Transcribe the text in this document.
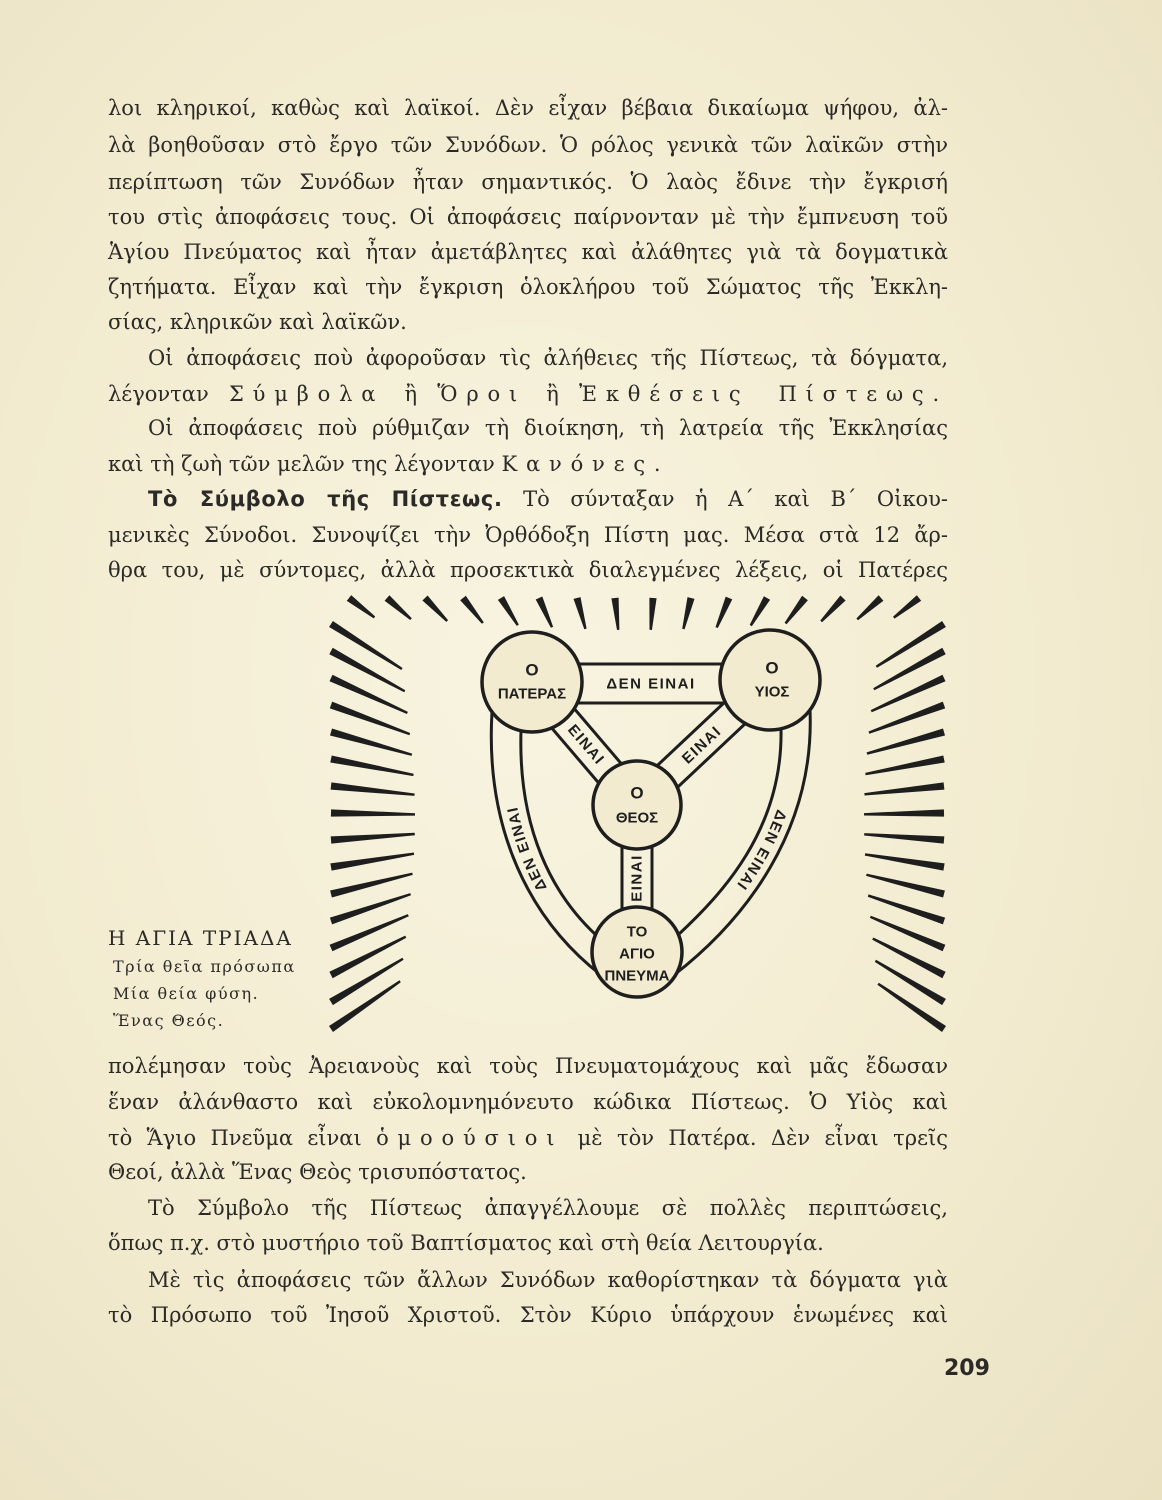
λοι κληρικοί, καθὼς καὶ λαϊκοί. Δὲν εἶχαν βέβαια δικαίωμα ψήφου, ἀλ-
λὰ βοηθοῦσαν στὸ ἔργο τῶν Συνόδων. Ὁ ρόλος γενικὰ τῶν λαϊκῶν στὴν
περίπτωση τῶν Συνόδων ἦταν σημαντικός. Ὁ λαὸς ἔδινε τὴν ἔγκρισή
του στὶς ἀποφάσεις τους. Οἱ ἀποφάσεις παίρνονταν μὲ τὴν ἔμπνευση τοῦ
Ἁγίου Πνεύματος καὶ ἦταν ἀμετάβλητες καὶ ἀλάθητες γιὰ τὰ δογματικὰ
ζητήματα. Εἶχαν καὶ τὴν ἔγκριση ὁλοκλήρου τοῦ Σώματος τῆς Ἐκκλη-
σίας, κληρικῶν καὶ λαϊκῶν.
Οἱ ἀποφάσεις ποὺ ἀφοροῦσαν τὶς ἀλήθειες τῆς Πίστεως, τὰ δόγματα,
λέγονταν Σύμβολα ἢ Ὅροι ἢ Ἐκθέσεις Πίστεως.
Οἱ ἀποφάσεις ποὺ ρύθμιζαν τὴ διοίκηση, τὴ λατρεία τῆς Ἐκκλησίας
καὶ τὴ ζωὴ τῶν μελῶν της λέγονταν Κανόνες.
Τὸ Σύμβολο τῆς Πίστεως. Τὸ σύνταξαν ἡ Α΄ καὶ Β΄ Οἰκου-
μενικὲς Σύνοδοι. Συνοψίζει τὴν Ὀρθόδοξη Πίστη μας. Μέσα στὰ 12 ἄρ-
θρα του, μὲ σύντομες, ἀλλὰ προσεκτικὰ διαλεγμένες λέξεις, οἱ Πατέρες
Η ΑΓΙΑ ΤΡΙΑΔΑ
Τρία θεῖα πρόσωπα
Μία θεία φύση.
Ἕνας Θεός.
ΔΕΝ ΕΙΝΑΙ
ΕΙΝΑΙ	ΕΙΝΑΙ
ΕΙΝΑΙ
ΔΕΝ ΕΙΝΑΙ	ΔΕΝ ΕΙΝΑΙ
Ο
ΠΑΤΕΡΑΣ
Ο
ΥΙΟΣ
Ο
ΘΕΟΣ
ΤΟ
ΑΓΙΟ
ΠΝΕΥΜΑ
πολέμησαν τοὺς Ἀρειανοὺς καὶ τοὺς Πνευματομάχους καὶ μᾶς ἔδωσαν
ἕναν ἀλάνθαστο καὶ εὐκολομνημόνευτο κώδικα Πίστεως. Ὁ Υἱὸς καὶ
τὸ Ἅγιο Πνεῦμα εἶναι ὁμοούσιοι μὲ τὸν Πατέρα. Δὲν εἶναι τρεῖς
Θεοί, ἀλλὰ Ἕνας Θεὸς τρισυπόστατος.
Τὸ Σύμβολο τῆς Πίστεως ἀπαγγέλλουμε σὲ πολλὲς περιπτώσεις,
ὅπως π.χ. στὸ μυστήριο τοῦ Βαπτίσματος καὶ στὴ θεία Λειτουργία.
Μὲ τὶς ἀποφάσεις τῶν ἄλλων Συνόδων καθορίστηκαν τὰ δόγματα γιὰ
τὸ Πρόσωπο τοῦ Ἰησοῦ Χριστοῦ. Στὸν Κύριο ὑπάρχουν ἑνωμένες καὶ
209
